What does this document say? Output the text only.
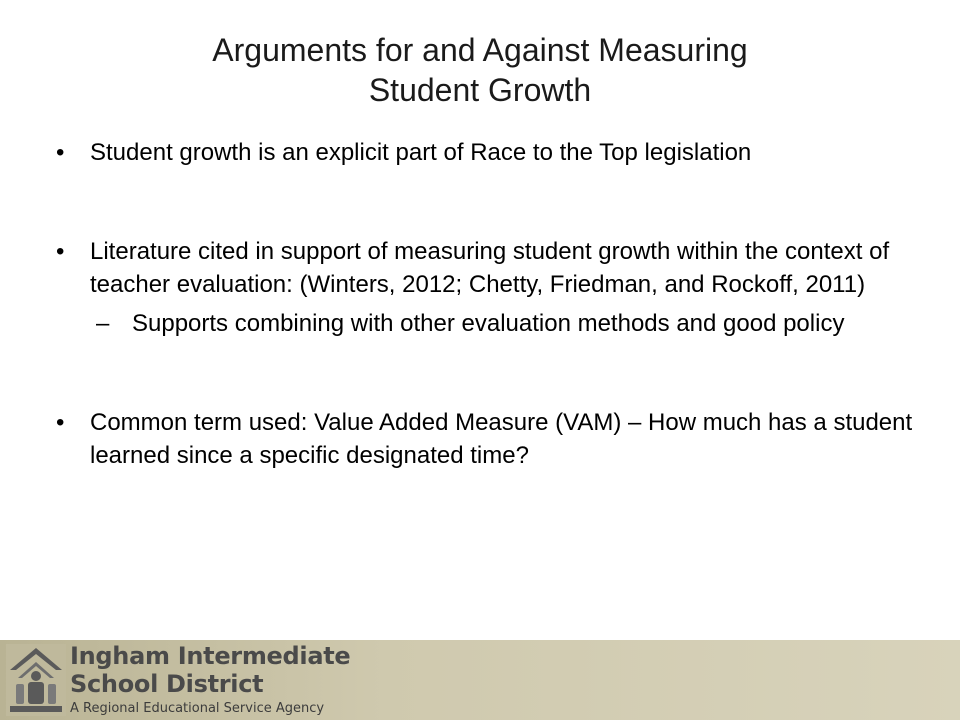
Arguments for and Against Measuring
Student Growth
• Student growth is an explicit part of Race to the Top legislation
• Literature cited in support of measuring student growth within the context of teacher evaluation: (Winters, 2012; Chetty, Friedman, and Rockoff, 2011)
– Supports combining with other evaluation methods and good policy
• Common term used: Value Added Measure (VAM) – How much has a student learned since a specific designated time?
Ingham Intermediate
School District
A Regional Educational Service Agency
